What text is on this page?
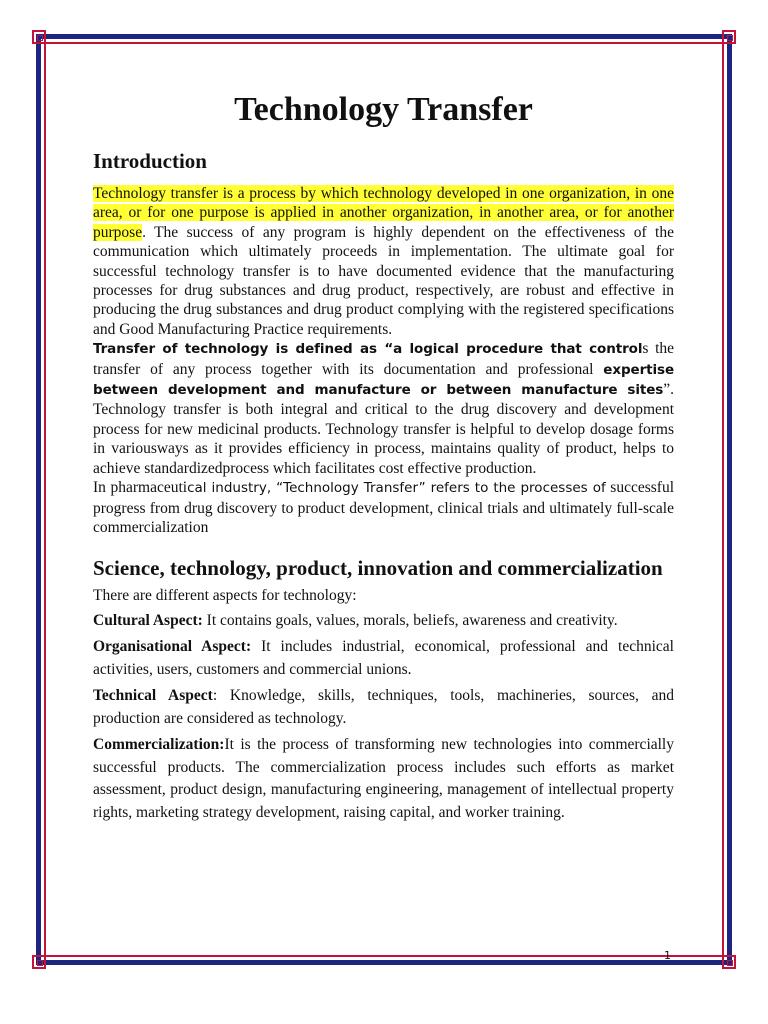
Technology Transfer
Introduction

Technology transfer is a process by which technology developed in one organization, in one area, or for one purpose is applied in another organization, in another area, or for another purpose. The success of any program is highly dependent on the effectiveness of the communication which ultimately proceeds in implementation. The ultimate goal for successful technology transfer is to have documented evidence that the manufacturing processes for drug substances and drug product, respectively, are robust and effective in producing the drug substances and drug product complying with the registered specifications and Good Manufacturing Practice requirements.

Transfer of technology is defined as “a logical procedure that controls the transfer of any process together with its documentation and professional expertise between development and manufacture or between manufacture sites”. Technology transfer is both integral and critical to the drug discovery and development process for new medicinal products. Technology transfer is helpful to develop dosage forms in variousways as it provides efficiency in process, maintains quality of product, helps to achieve standardizedprocess which facilitates cost effective production.

In pharmaceutical industry, “Technology Transfer” refers to the processes of successful progress from drug discovery to product development, clinical trials and ultimately full-scale commercialization

Science, technology, product, innovation and commercialization

There are different aspects for technology:

Cultural Aspect: It contains goals, values, morals, beliefs, awareness and creativity.

Organisational Aspect: It includes industrial, economical, professional and technical activities, users, customers and commercial unions.

Technical Aspect: Knowledge, skills, techniques, tools, machineries, sources, and production are considered as technology.

Commercialization:It is the process of transforming new technologies into commercially successful products. The commercialization process includes such efforts as market assessment, product design, manufacturing engineering, management of intellectual property rights, marketing strategy development, raising capital, and worker training.

1
